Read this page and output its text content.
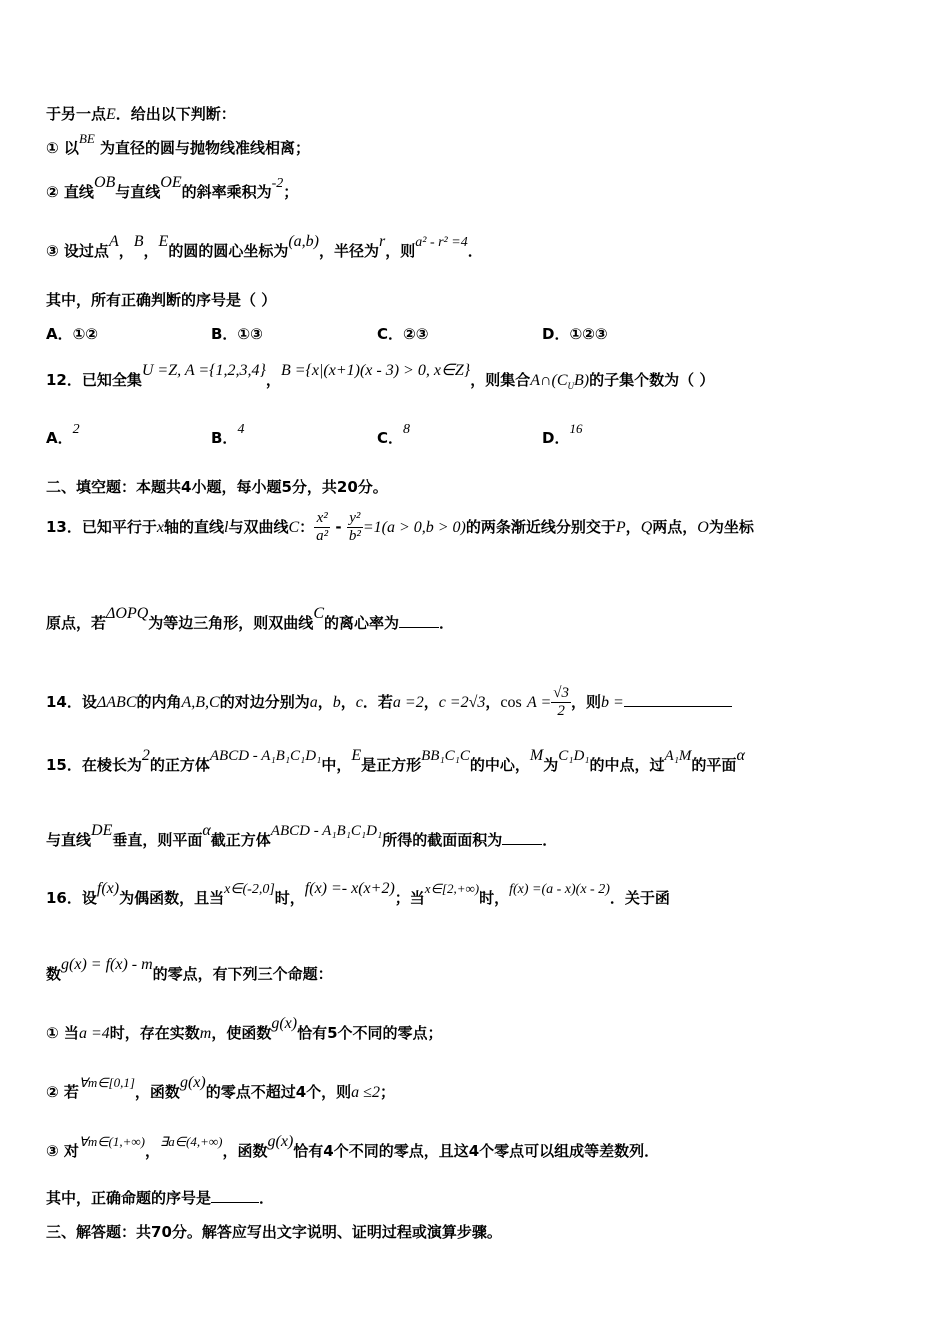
于另一点E．给出以下判断：
① 以BE 为直径的圆与抛物线准线相离；
② 直线OB与直线OE的斜率乘积为-2；
③ 设过点A，B，E的圆的圆心坐标为(a,b)，半径为r，则a² - r² =4．
其中，所有正确判断的序号是（ ）
A．①②	B．①③	C．②③	D．①②③
12．已知全集U =Z, A ={1,2,3,4}，B ={x|(x+1)(x - 3) > 0, x∈Z}，则集合$A\cap(C_UB)$的子集个数为（ ）
A．2	B．4	C．8	D．16
二、填空题：本题共4小题，每小题5分，共20分。
13．已知平行于x轴的直线l与双曲线C： $\frac{\text{x²}}{\text{a²}} - \frac{\text{y²}}{\text{b²}} =1(a > 0,b > 0)$的两条渐近线分别交于P，Q两点，O为坐标
原点，若ΔOPQ为等边三角形，则双曲线C的离心率为	．
14．设ΔABC的内角A,B,C的对边分别为a，b，c．若a =2，c =2√3，$\cos A = \frac{√3}{2}$ ，则b =
15．在棱长为2的正方体ABCD - A₁B₁C₁D₁中，E是正方形BB₁C₁C的中心，M为C₁D₁的中点，过A₁M的平面α
与直线DE垂直，则平面α截正方体ABCD - A₁B₁C₁D₁所得的截面面积为	．
16．设f(x)为偶函数，且当x∈(-2,0]时，f(x) =- x(x+2)；当x∈[2,+∞)时，f(x) =(a - x)(x - 2)．关于函
数g(x) = f(x) - m的零点，有下列三个命题：
① 当a =4时，存在实数m，使函数g(x)恰有5个不同的零点；
② 若∀m∈[0,1]，函数g(x)的零点不超过4个，则a ≤2；
③ 对∀m∈(1,+∞)，∃a∈(4,+∞)，函数g(x)恰有4个不同的零点，且这4个零点可以组成等差数列．
其中，正确命题的序号是	．
三、解答题：共70分。解答应写出文字说明、证明过程或演算步骤。
